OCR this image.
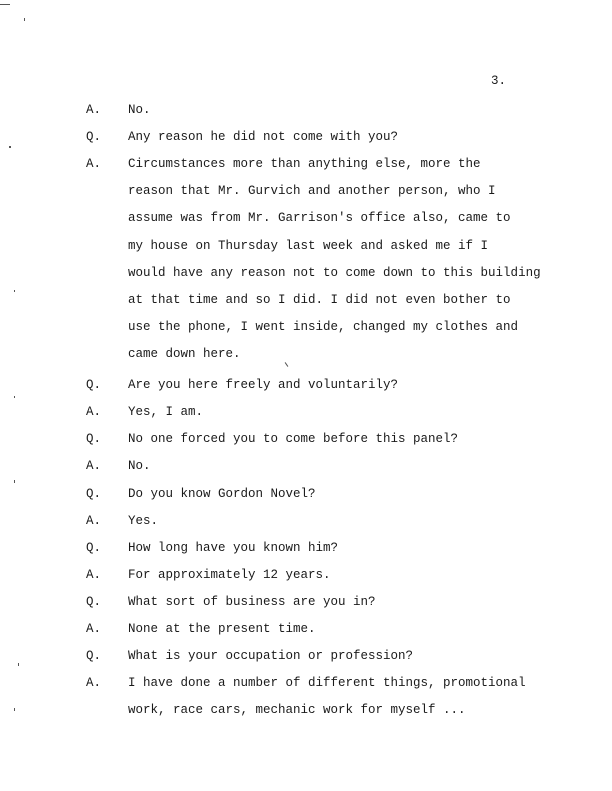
3.
A. No.
Q. Any reason he did not come with you?
A. Circumstances more than anything else, more the
reason that Mr. Gurvich and another person, who I
assume was from Mr. Garrison's office also, came to
my house on Thursday last week and asked me if I
would have any reason not to come down to this building
at that time and so I did. I did not even bother to
use the phone, I went inside, changed my clothes and
came down here.
Q. Are you here freely and voluntarily?
A. Yes, I am.
Q. No one forced you to come before this panel?
A. No.
Q. Do you know Gordon Novel?
A. Yes.
Q. How long have you known him?
A. For approximately 12 years.
Q. What sort of business are you in?
A. None at the present time.
Q. What is your occupation or profession?
A. I have done a number of different things, promotional
work, race cars, mechanic work for myself ...
